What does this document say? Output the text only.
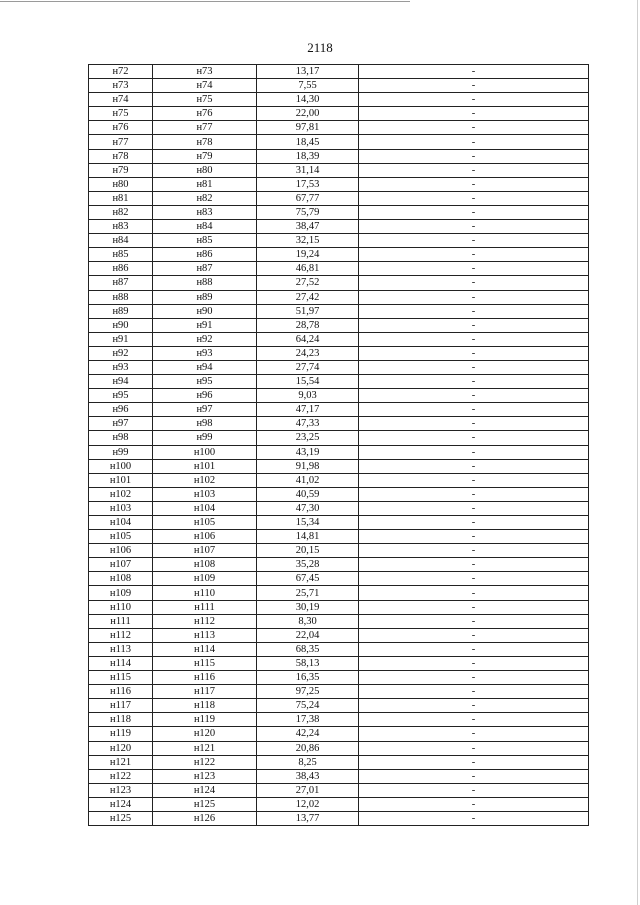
2118
н72	н73	13,17	-
н73	н74	7,55	-
н74	н75	14,30	-
н75	н76	22,00	-
н76	н77	97,81	-
н77	н78	18,45	-
н78	н79	18,39	-
н79	н80	31,14	-
н80	н81	17,53	-
н81	н82	67,77	-
н82	н83	75,79	-
н83	н84	38,47	-
н84	н85	32,15	-
н85	н86	19,24	-
н86	н87	46,81	-
н87	н88	27,52	-
н88	н89	27,42	-
н89	н90	51,97	-
н90	н91	28,78	-
н91	н92	64,24	-
н92	н93	24,23	-
н93	н94	27,74	-
н94	н95	15,54	-
н95	н96	9,03	-
н96	н97	47,17	-
н97	н98	47,33	-
н98	н99	23,25	-
н99	н100	43,19	-
н100	н101	91,98	-
н101	н102	41,02	-
н102	н103	40,59	-
н103	н104	47,30	-
н104	н105	15,34	-
н105	н106	14,81	-
н106	н107	20,15	-
н107	н108	35,28	-
н108	н109	67,45	-
н109	н110	25,71	-
н110	н111	30,19	-
н111	н112	8,30	-
н112	н113	22,04	-
н113	н114	68,35	-
н114	н115	58,13	-
н115	н116	16,35	-
н116	н117	97,25	-
н117	н118	75,24	-
н118	н119	17,38	-
н119	н120	42,24	-
н120	н121	20,86	-
н121	н122	8,25	-
н122	н123	38,43	-
н123	н124	27,01	-
н124	н125	12,02	-
н125	н126	13,77	-
